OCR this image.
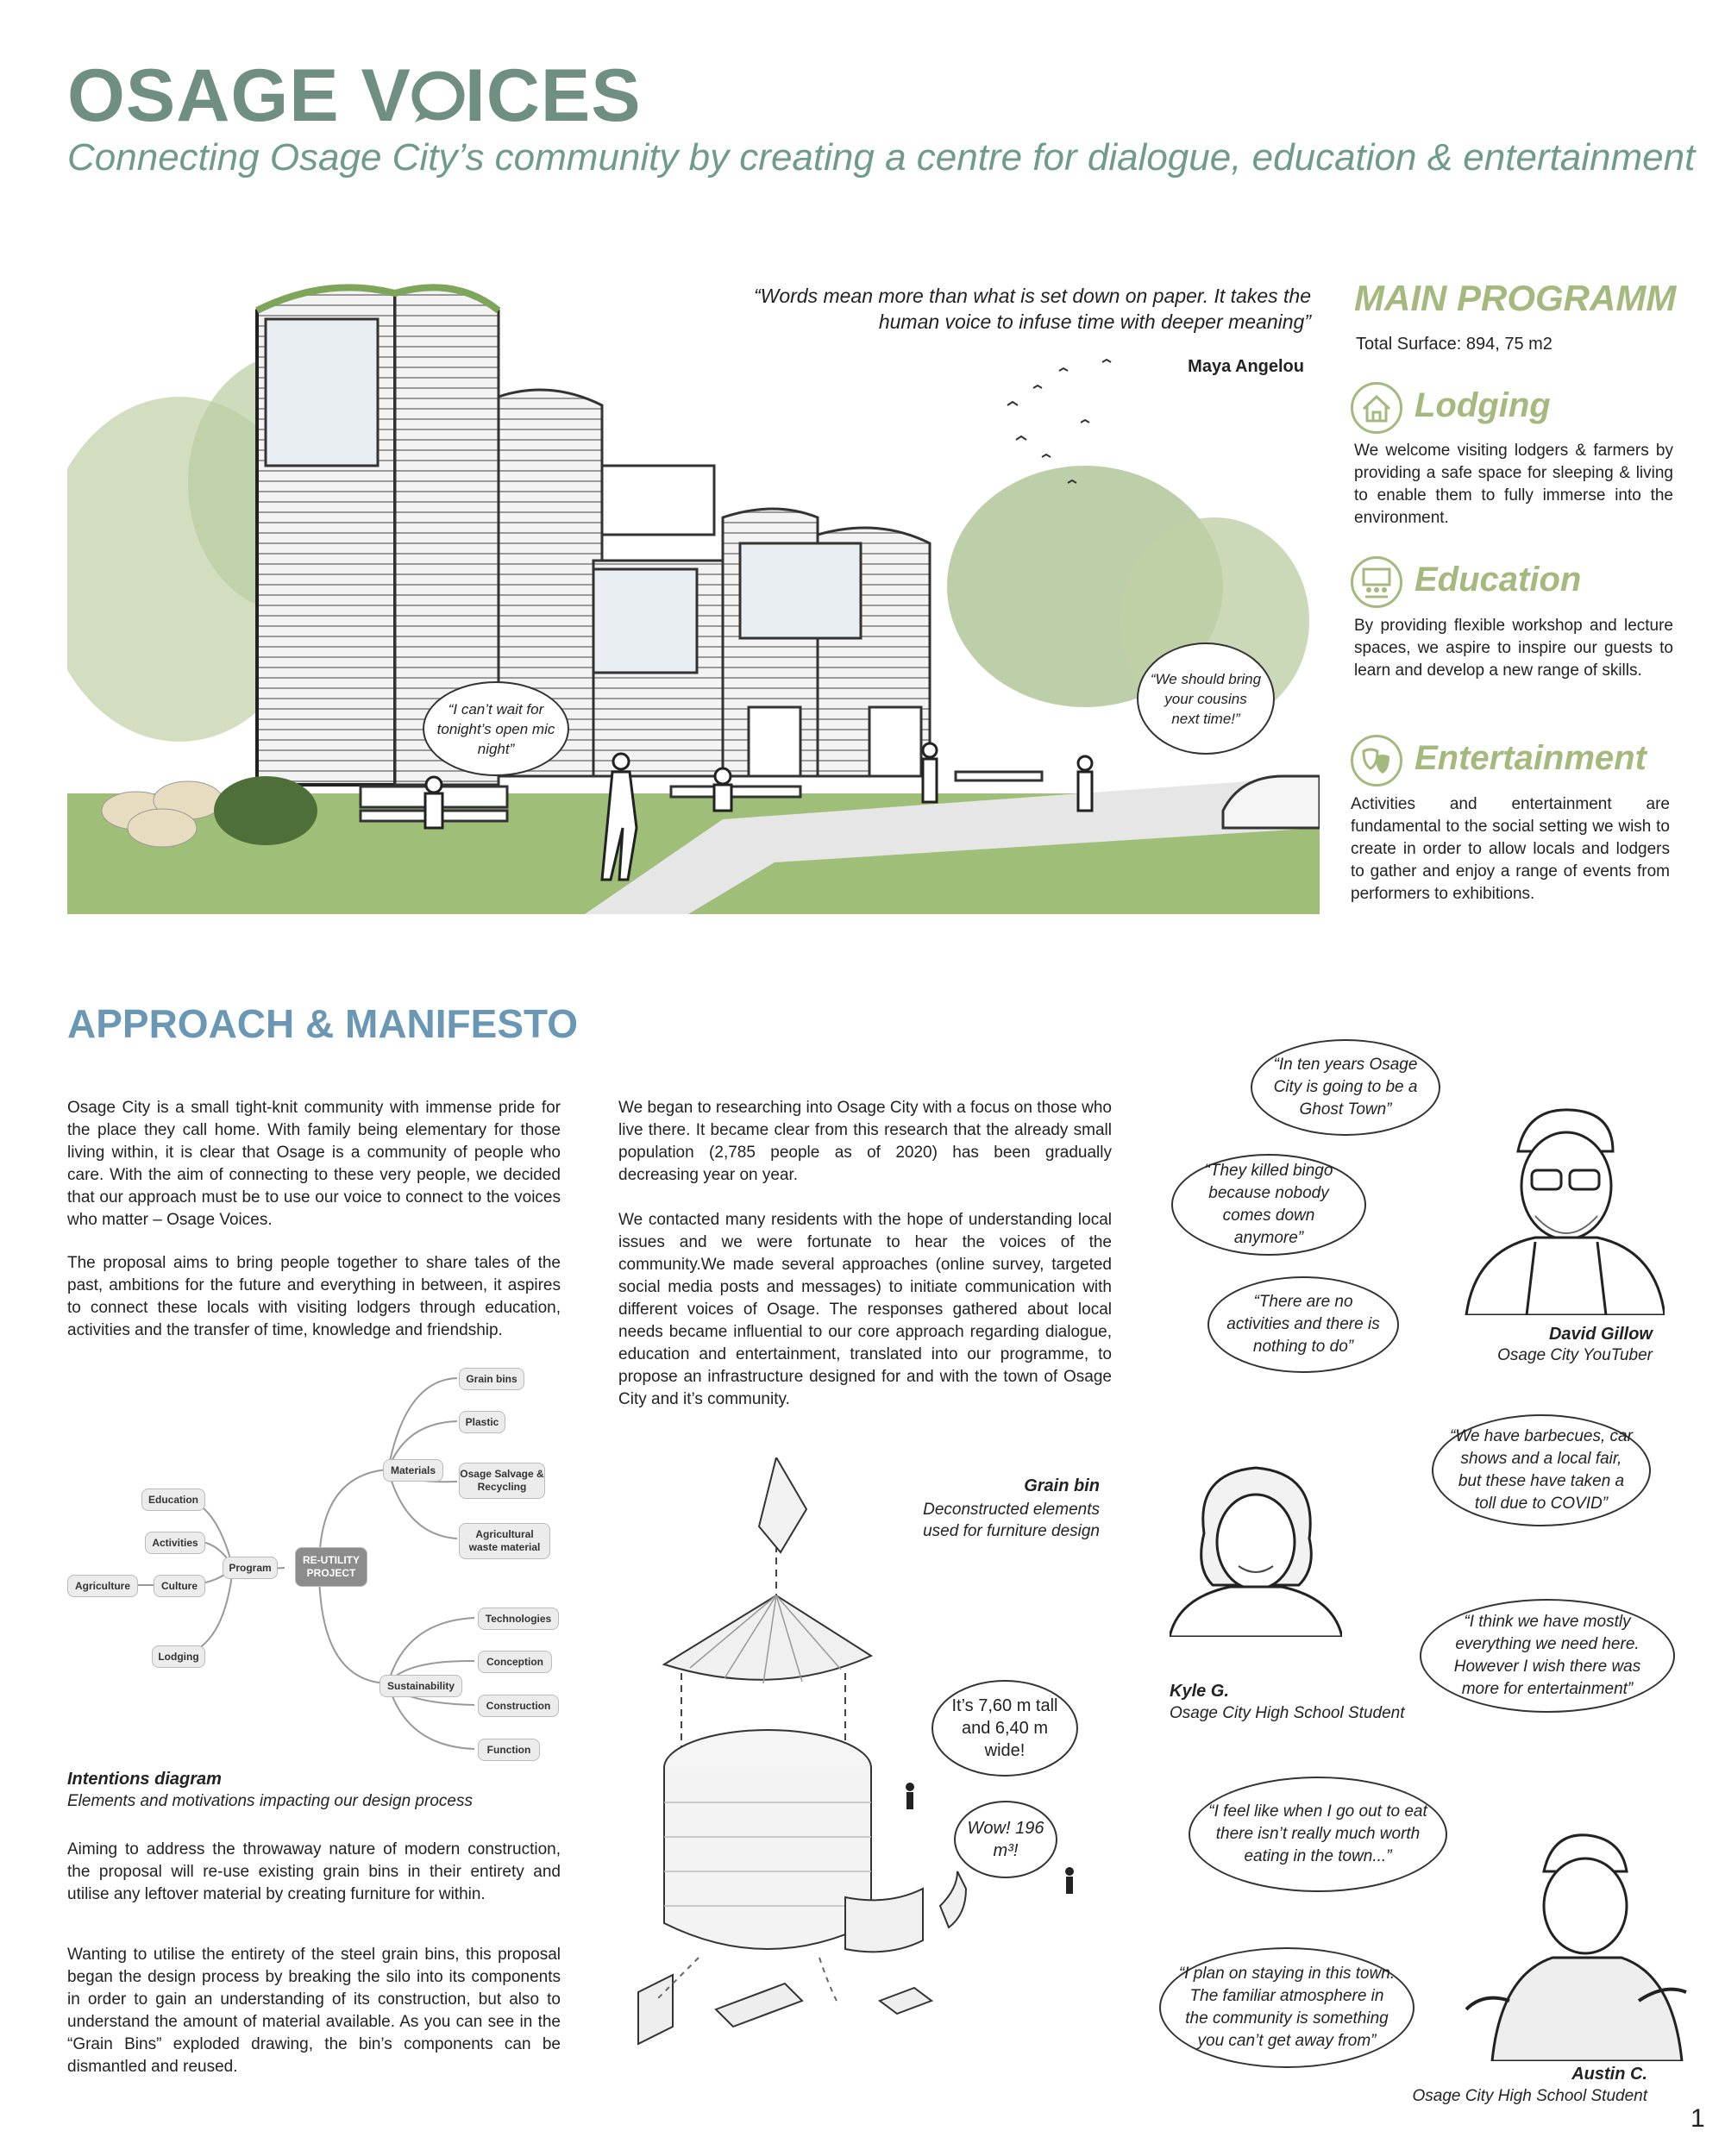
OSAGE V ICES
Connecting Osage City’s community by creating a centre for dialogue, education & entertainment
“Words mean more than what is set down on paper. It takes the human voice to infuse time with deeper meaning”
Maya Angelou
“I can’t wait for tonight’s open mic night”
“We should bring your cousins next time!”
MAIN PROGRAMM
Total Surface: 894, 75 m2
Lodging
We welcome visiting lodgers & farmers by providing a safe space for sleeping & living to enable them to fully immerse into the environment.
Education
By providing flexible workshop and lecture spaces, we aspire to inspire our guests to learn and develop a new range of skills.
Entertainment
Activities and entertainment are fundamental to the social setting we wish to create in order to allow locals and lodgers to gather and enjoy a range of events from performers to exhibitions.
APPROACH & MANIFESTO
Osage City is a small tight-knit community with immense pride for the place they call home. With family being elementary for those living within, it is clear that Osage is a community of people who care. With the aim of connecting to these very people, we decided that our approach must be to use our voice to connect to the voices who matter – Osage Voices.
The proposal aims to bring people together to share tales of the past, ambitions for the future and everything in between, it aspires to connect these locals with visiting lodgers through education, activities and the transfer of time, knowledge and friendship.
We began to researching into Osage City with a focus on those who live there. It became clear from this research that the already small population (2,785 people as of 2020) has been gradually decreasing year on year.
We contacted many residents with the hope of understanding local issues and we were fortunate to hear the voices of the community.We made several approaches (online survey, targeted social media posts and messages) to initiate communication with different voices of Osage. The responses gathered about local needs became influential to our core approach regarding dialogue, education and entertainment, translated into our programme, to propose an infrastructure designed for and with the town of Osage City and it’s community.
Aiming to address the throwaway nature of modern construction, the proposal will re-use existing grain bins in their entirety and utilise any leftover material by creating furniture for within.
Wanting to utilise the entirety of the steel grain bins, this proposal began the design process by breaking the silo into its components in order to gain an understanding of its construction, but also to understand the amount of material available. As you can see in the “Grain Bins” exploded drawing, the bin’s components can be dismantled and reused.
RE-UTILITY PROJECT
Program
Education
Activities
Culture
Agriculture
Lodging
Materials
Grain bins
Plastic
Osage Salvage & Recycling
Agricultural waste material
Sustainability
Technologies
Conception
Construction
Function
Intentions diagram
Elements and motivations impacting our design process
Grain bin
Deconstructed elements used for furniture design
It’s 7,60 m tall and 6,40 m wide!
Wow! 196 m³!
“In ten years Osage City is going to be a Ghost Town”
“They killed bingo because nobody comes down anymore”
“There are no activities and there is nothing to do”
“We have barbecues, car shows and a local fair, but these have taken a toll due to COVID”
“I think we have mostly everything we need here. However I wish there was more for entertainment”
“I feel like when I go out to eat there isn’t really much worth eating in the town...”
“I plan on staying in this town. The familiar atmosphere in the community is something you can’t get away from”
David Gillow
Osage City YouTuber
Kyle G.
Osage City High School Student
Austin C.
Osage City High School Student
1
